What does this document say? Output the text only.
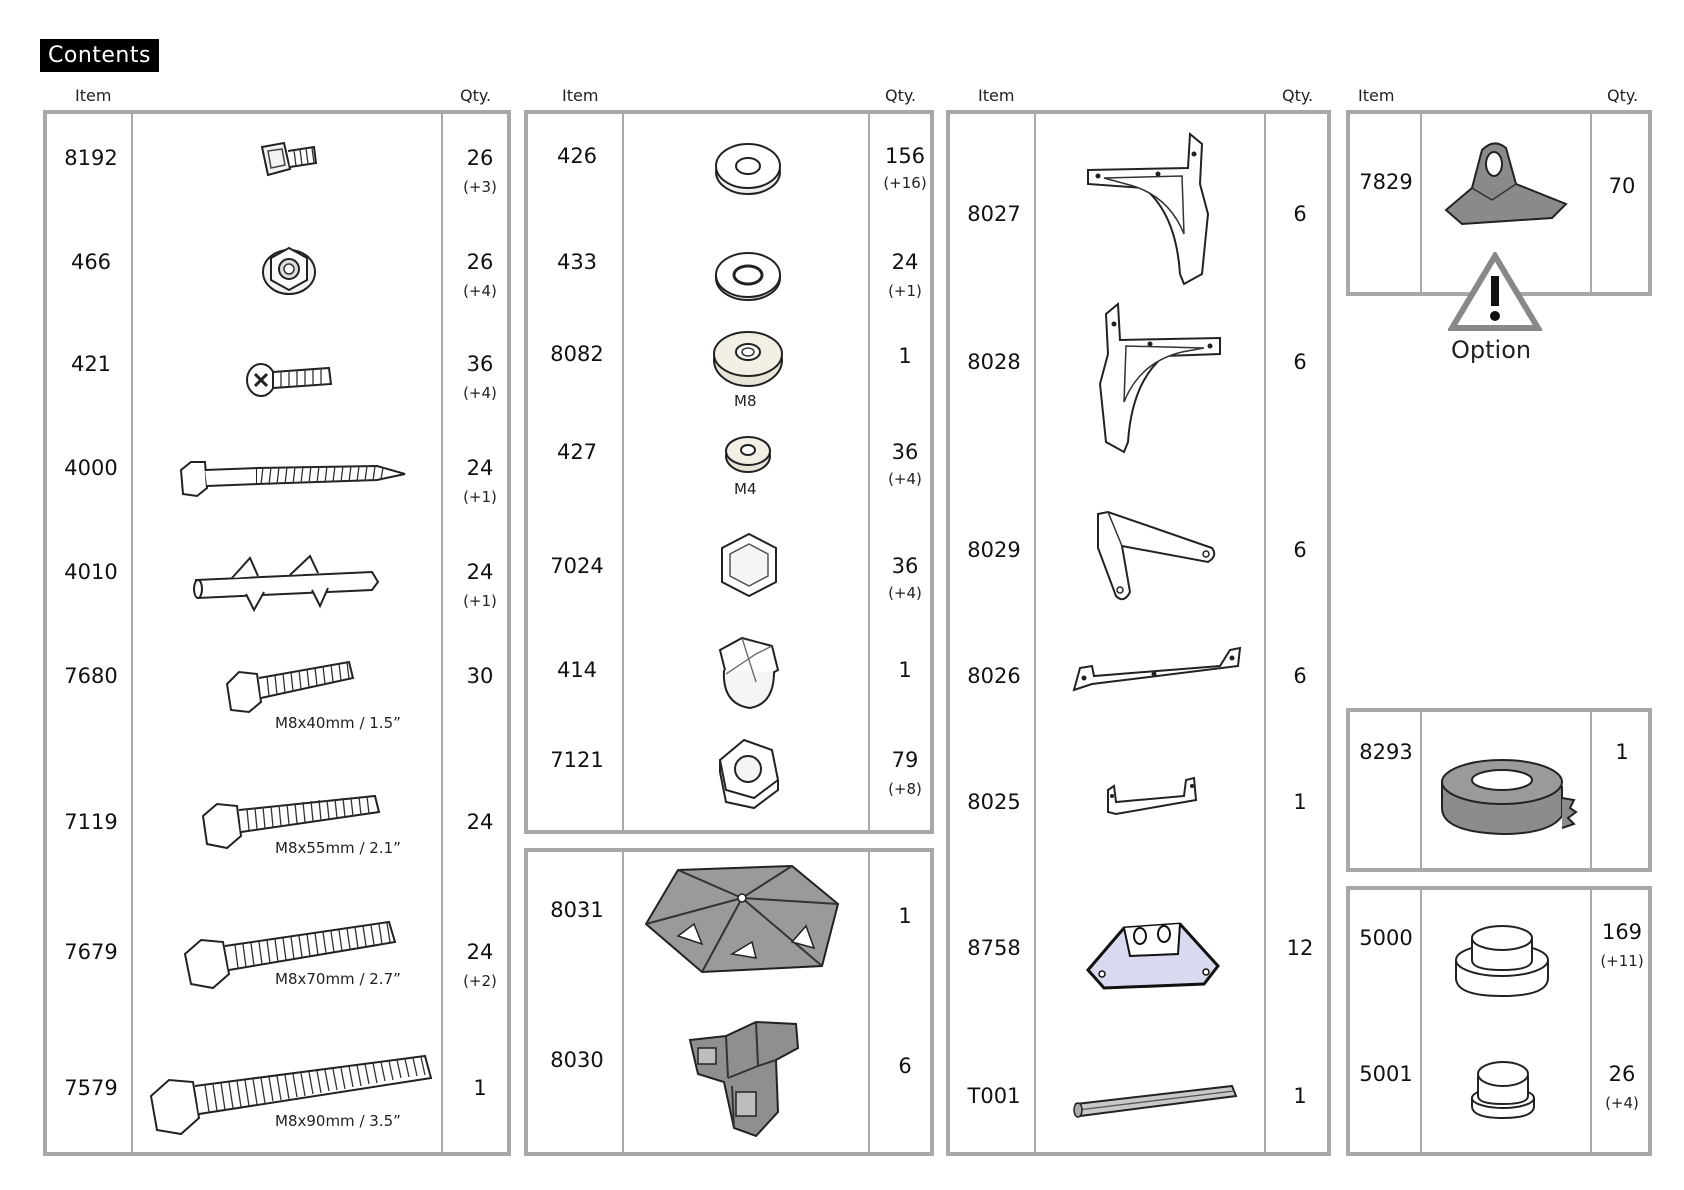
Contents
Item	Qty.	Item	Qty.	Item	Qty.	Item	Qty.
8192	26
(+3)
466	26
(+4)
421	36
(+4)
4000	24
(+1)
4010	24
(+1)
7680	30
M8x40mm / 1.5”
7119	24
M8x55mm / 2.1”
7679	24
(+2)
M8x70mm / 2.7”
7579	1
M8x90mm / 3.5”
426	156
(+16)
433	24
(+1)
8082	1
M8
427	36
(+4)
M4
7024	36
(+4)
414	1
7121	79
(+8)
8031	1
8030	6
8027	6
8028	6
8029	6
8026	6
8025	1
8758	12
T001	1
7829	70
Option
8293	1
5000	169
(+11)
5001	26
(+4)
